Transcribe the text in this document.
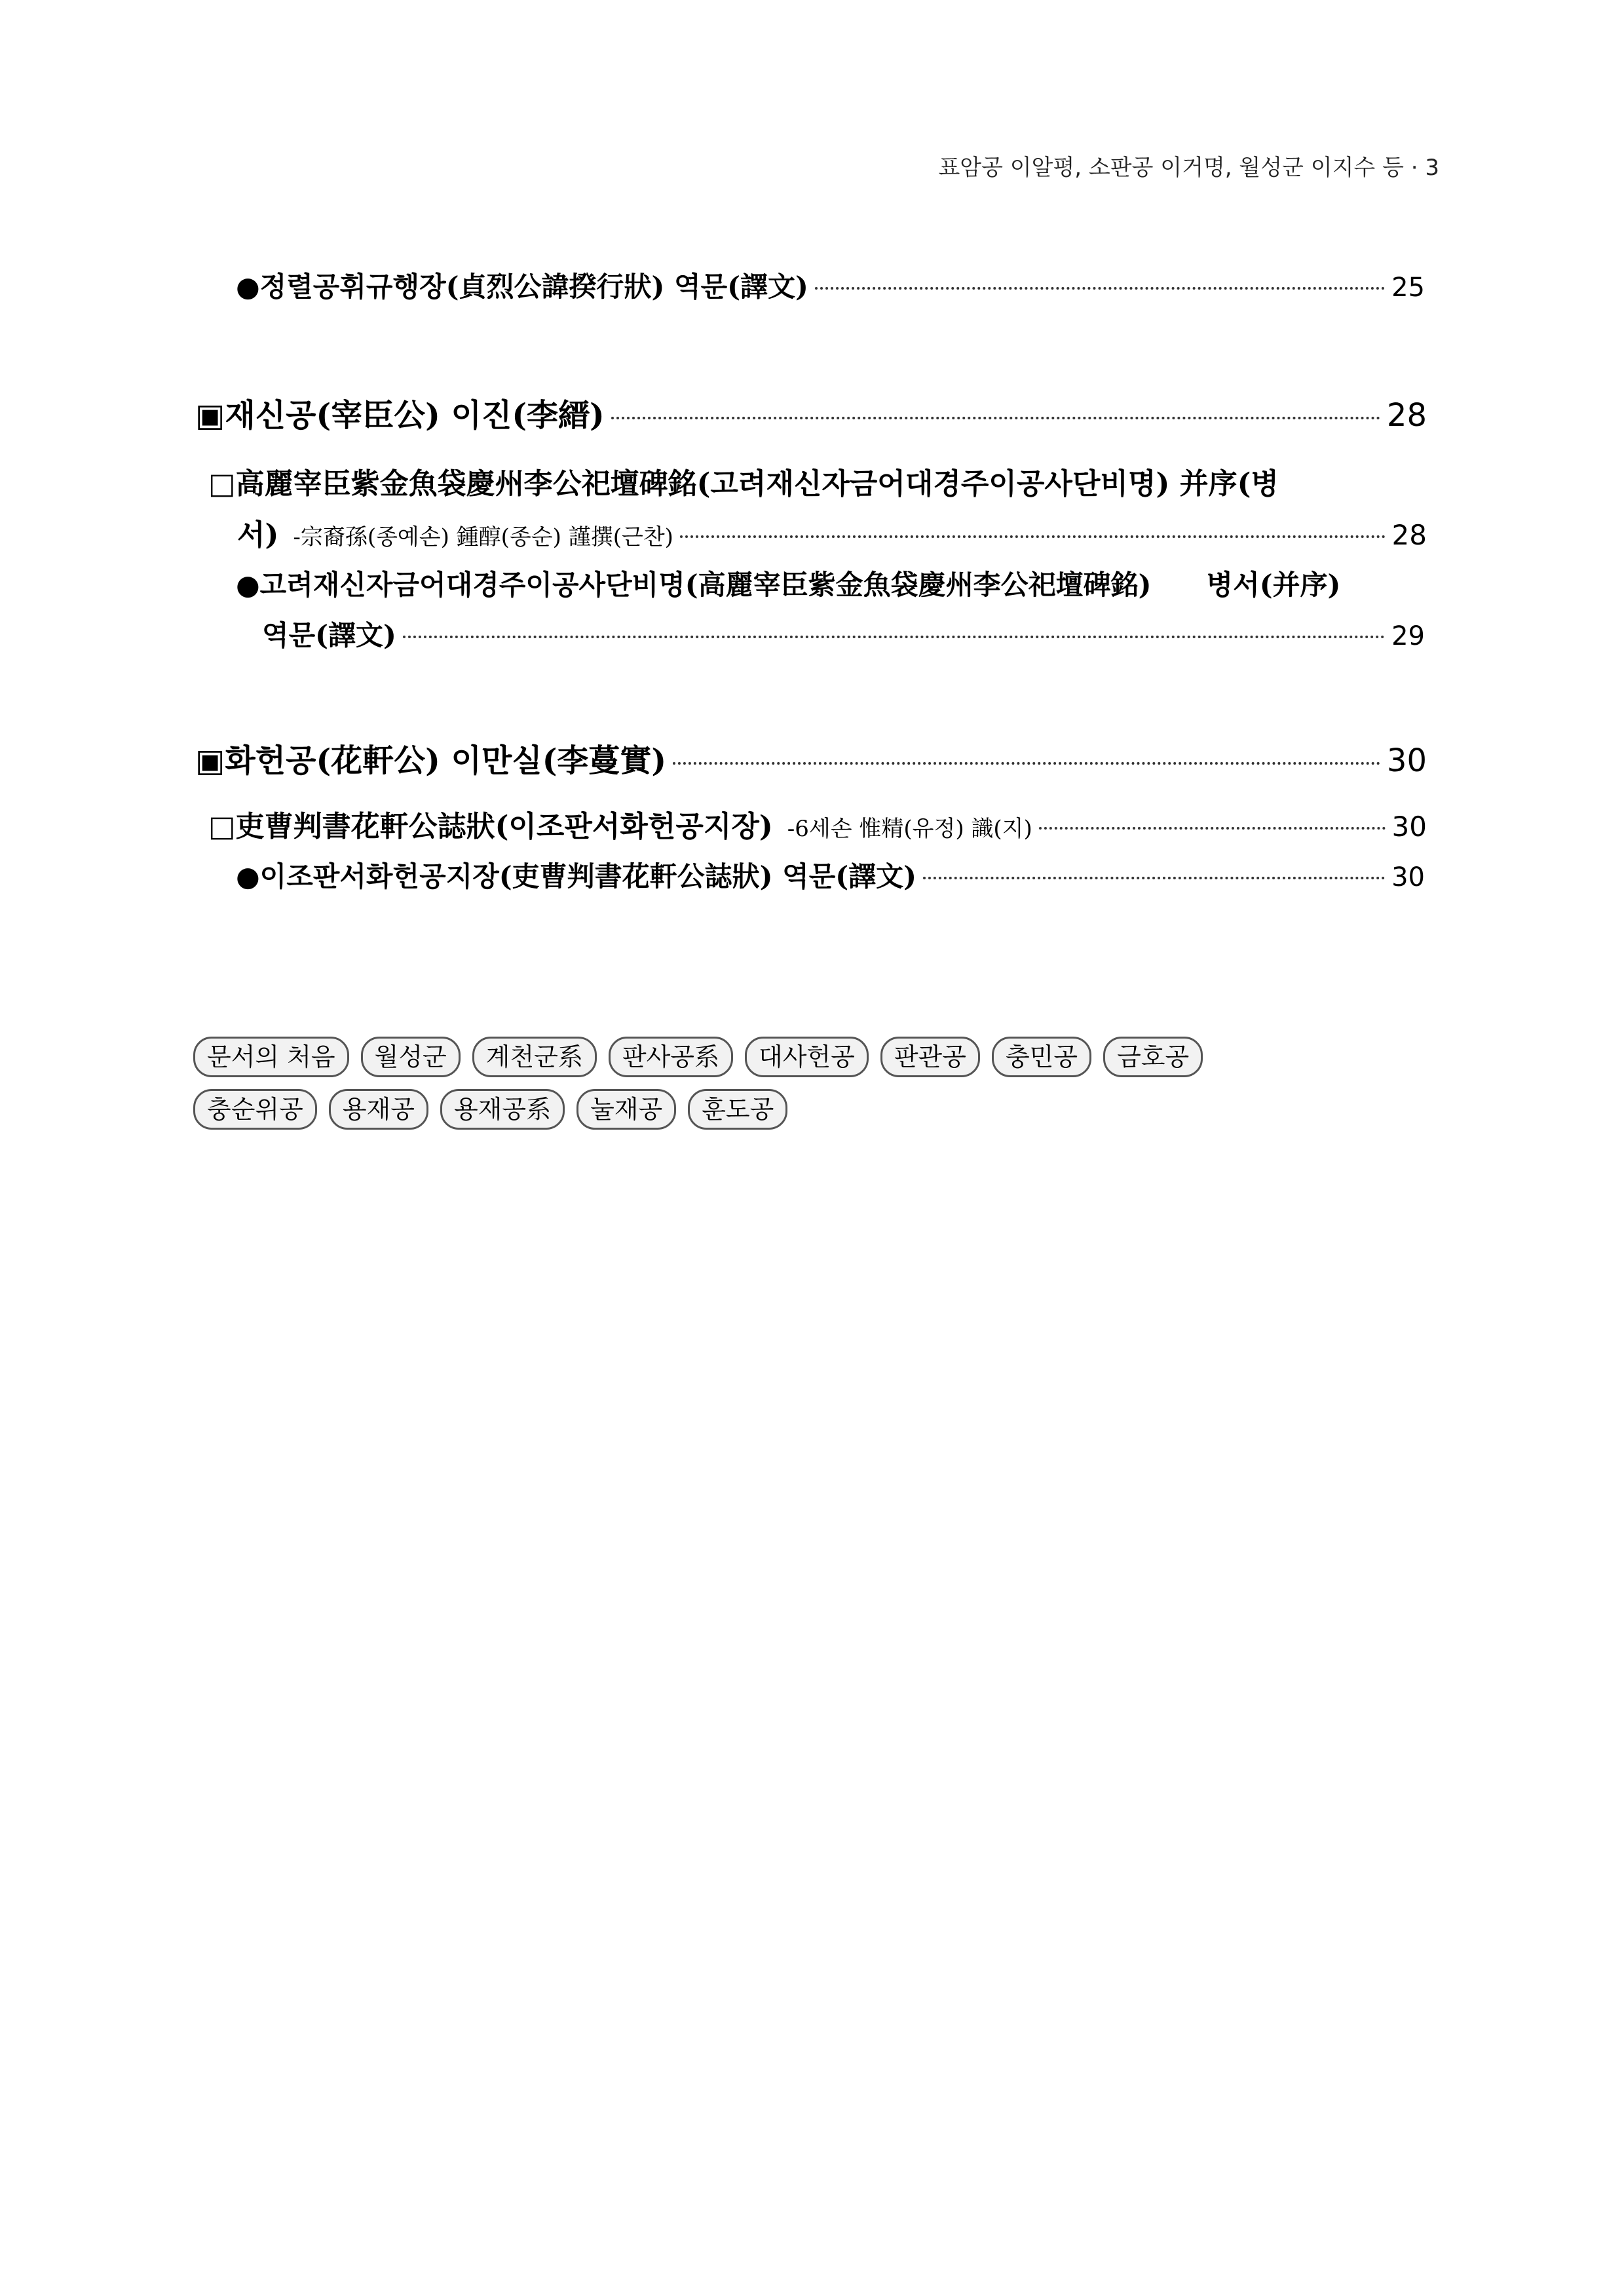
표암공 이알평, 소판공 이거명, 월성군 이지수 등 · 3
●정렬공휘규행장(貞烈公諱揆行狀) 역문(譯文)	25
▣재신공(宰臣公) 이진(李縉)	28
□高麗宰臣紫金魚袋慶州李公祀壇碑銘(고려재신자금어대경주이공사단비명) 并序(병
서) -宗裔孫(종예손) 鍾醇(종순) 謹撰(근찬)	28
●고려재신자금어대경주이공사단비명(高麗宰臣紫金魚袋慶州李公祀壇碑銘)　　병서(并序)
역문(譯文)	29
▣화헌공(花軒公) 이만실(李蔓實)	30
□吏曹判書花軒公誌狀(이조판서화헌공지장) -6세손 惟精(유정) 識(지)	30
●이조판서화헌공지장(吏曹判書花軒公誌狀) 역문(譯文)	30
문서의 처음	월성군	계천군系	판사공系	대사헌공	판관공	충민공	금호공
충순위공	용재공	용재공系	눌재공	훈도공
